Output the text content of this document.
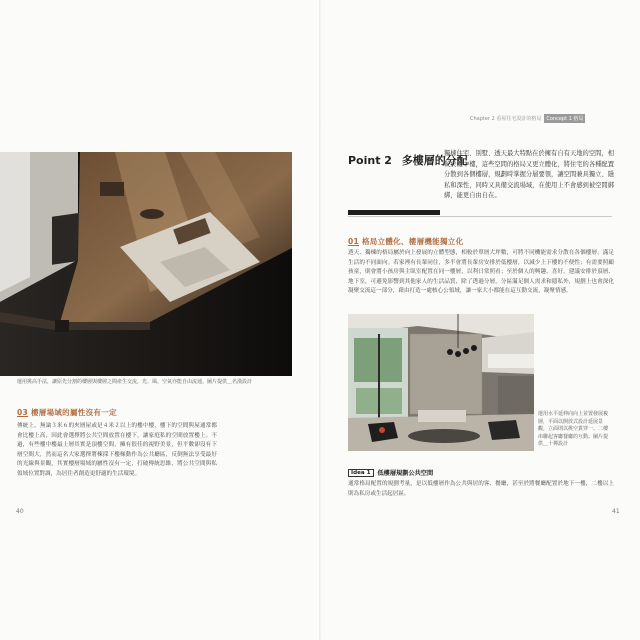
Chapter 2 看屋住宅設計的格局	Concept 1 格局
運用挑高手法，讓原先分割的樓層與樓層之間產生交流，光、風、空氣亦能自由流通。圖片提供＿名漢設計
03 樓層場域的屬性沒有一定
傳統上，無論３米６的夾層屋或是４米２以上的樓中樓，樓下的空間與屋通常都會比樓上高，因此會選擇將公共空間放置在樓下，讓家庭私的空間放置樓上。不過，有些樓中樓最上層其實是頂樓空間，擁有很佳的視野美景，但平數卻沒有下層空間大，然而這名大家選擇將棟採下樓梯動作為公共廳區，反倒無法享受最好的光線與景觀，其實樓層場域的屬性沒有一定，打破傳統思維，將公共空間與私領域位置對調，為居住者創造更舒適的生活環境。
40
Point 2 多樓層的分配
獨棟住宅、別墅、透天最大特點在於擁有自有天地的空間，相較於樓中樓，這些空間的格局又更立體化，將住宅的各種配置分散到各個樓層，規劃時掌握分層要領，讓空間兼具獨立、隱私和深性，同時又具備交流場域，在使用上不會感到被空間綁綁，能更自由自在。
01 格局立體化、樓層機能獨立化
透天、獨棟的格局屬於向上發展的立體型態，相較於單層大坪數，可將不同機能需求分散在各個樓層，滿足生活的不同面向。若家裡有長輩同住，多半會將長輩房安排於低樓層，以減少上下樓的不便性；有需要照顧孩童，則會將小孩房與主臥室配置在同一樓層，以利日常照看；至於個人的興趣、喜好，建議安排於頂層、地下室，可避免影響到其他家人的生活品質，除了透過分層，分區滿足個人需求和隱私外，規劃上也會深化凝聚交流這一部分，藉由打造一處核心公領域，讓一家大小都能在這互動交流，凝聚情感。
運用水平延伸向向上並置發展複層，平面以開放式設計延展景觀，立面則以挑空貫穿一、二樓串聯起客廳餐廳的互動。圖片提供＿十禪設計
Idea 1	低樓層規劃公共空間
通常格局配置的規劃考量，是以低樓層作為公共與居的客、餐廳，甚至於將餐廳配置於地下一樓，二樓以上則為私房或生活起居區。
41
